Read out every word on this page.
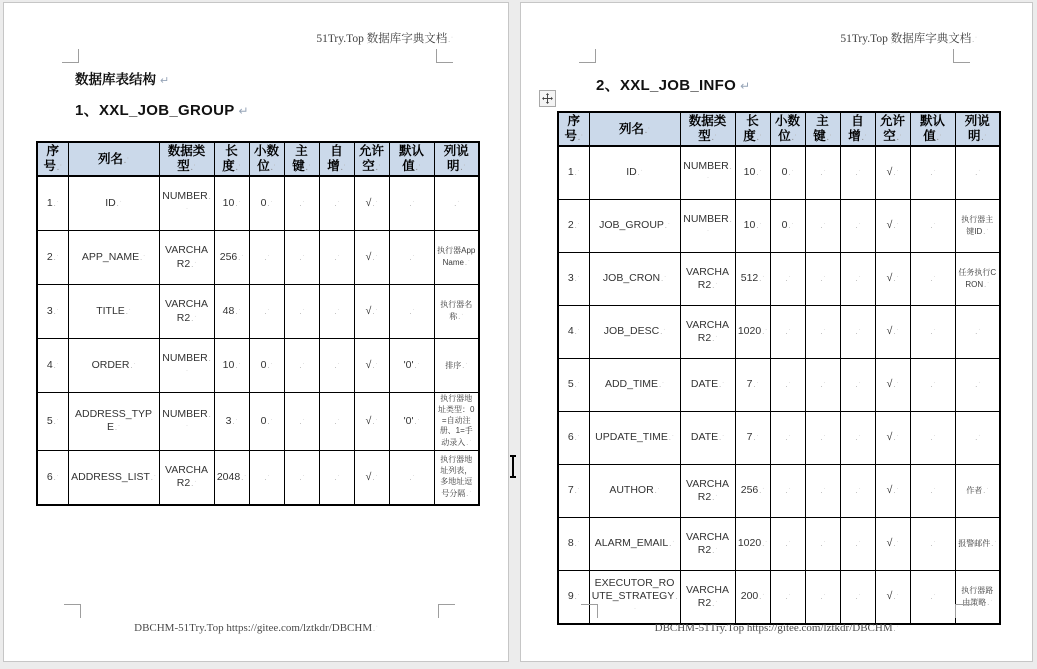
51Try.Top 数据库字典文档. ·
数据库表结构 ↵
1、XXL_JOB_GROUP ↵
序号. ·	列名. ·	数据类型. ·	长度. ·	小数位. ·	主键. ·	自增. ·	允许空. ·	默认值. ·	列说明. ·
1. ·	ID. ·	NUMBER. ·	10. ·	0. ·	. ·	. ·	√. ·	. ·	. ·
2. ·	APP_NAME. ·	VARCHAR2. ·	256. ·	. ·	. ·	. ·	√. ·	. ·	执行器AppName. ·
3. ·	TITLE. ·	VARCHAR2. ·	48. ·	. ·	. ·	. ·	√. ·	. ·	执行器名称. ·
4. ·	ORDER. ·	NUMBER. ·	10. ·	0. ·	. ·	. ·	√. ·	'0'. ·	排序. ·
5. ·	ADDRESS_TYPE. ·	NUMBER. ·	3. ·	0. ·	. ·	. ·	√. ·	'0'. ·	执行器地址类型：0=自动注册、1=手动录入. ·
6. ·	ADDRESS_LIST. ·	VARCHAR2. ·	2048. ·	. ·	. ·	. ·	√. ·	. ·	执行器地址列表，多地址逗号分隔. ·
DBCHM-51Try.Top https://gitee.com/lztkdr/DBCHM. ·
51Try.Top 数据库字典文档. ·
2、XXL_JOB_INFO ↵
序号. ·	列名. ·	数据类型. ·	长度. ·	小数位. ·	主键. ·	自增. ·	允许空. ·	默认值. ·	列说明. ·
1. ·	ID. ·	NUMBER. ·	10. ·	0. ·	. ·	. ·	√. ·	. ·	. ·
2. ·	JOB_GROUP. ·	NUMBER. ·	10. ·	0. ·	. ·	. ·	√. ·	. ·	执行器主键ID. ·
3. ·	JOB_CRON. ·	VARCHAR2. ·	512. ·	. ·	. ·	. ·	√. ·	. ·	任务执行CRON. ·
4. ·	JOB_DESC. ·	VARCHAR2. ·	1020. ·	. ·	. ·	. ·	√. ·	. ·	. ·
5. ·	ADD_TIME. ·	DATE. ·	7. ·	. ·	. ·	. ·	√. ·	. ·	. ·
6. ·	UPDATE_TIME. ·	DATE. ·	7. ·	. ·	. ·	. ·	√. ·	. ·	. ·
7. ·	AUTHOR. ·	VARCHAR2. ·	256. ·	. ·	. ·	. ·	√. ·	. ·	作者. ·
8. ·	ALARM_EMAIL. ·	VARCHAR2. ·	1020. ·	. ·	. ·	. ·	√. ·	. ·	报警邮件. ·
9. ·	EXECUTOR_ROUTE_STRATEGY. ·	VARCHAR2. ·	200. ·	. ·	. ·	. ·	√. ·	. ·	执行器路由策略. ·
DBCHM-51Try.Top https://gitee.com/lztkdr/DBCHM. ·
